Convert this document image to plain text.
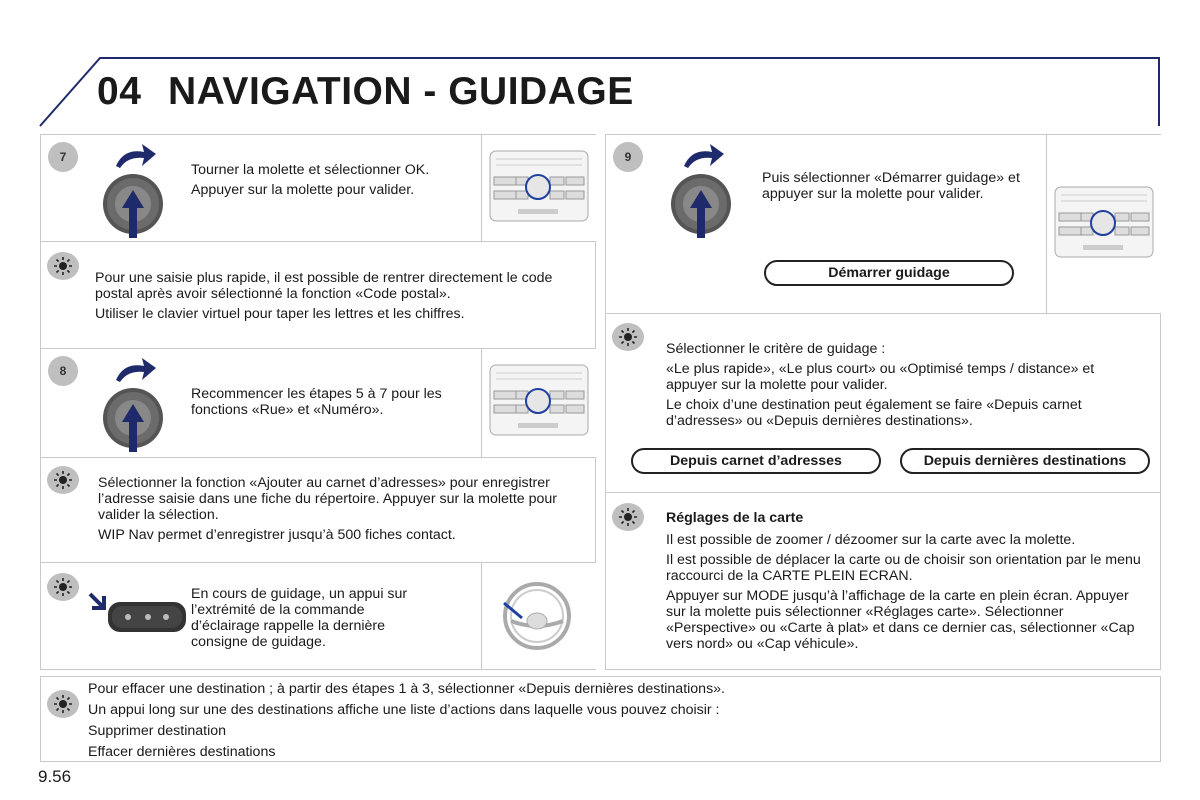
04 NAVIGATION - GUIDAGE
7

Tourner la molette et sélectionner OK.

Appuyer sur la molette pour valider.

Pour une saisie plus rapide, il est possible de rentrer directement le code postal après avoir sélectionné la fonction «Code postal».

Utiliser le clavier virtuel pour taper les lettres et les chiffres.

8

Recommencer les étapes 5 à 7 pour les fonctions «Rue» et «Numéro».

Sélectionner la fonction «Ajouter au carnet d’adresses» pour enregistrer l’adresse saisie dans une fiche du répertoire. Appuyer sur la molette pour valider la sélection.

WIP Nav permet d’enregistrer jusqu’à 500 fiches contact.

En cours de guidage, un appui sur l’extrémité de la commande d’éclairage rappelle la dernière consigne de guidage.

9

Puis sélectionner «Démarrer guidage» et appuyer sur la molette pour valider.

Démarrer guidage

Sélectionner le critère de guidage :

«Le plus rapide», «Le plus court» ou «Optimisé temps / distance» et appuyer sur la molette pour valider.

Le choix d’une destination peut également se faire «Depuis carnet d’adresses» ou «Depuis dernières destinations».

Depuis carnet d’adresses	Depuis dernières destinations

Réglages de la carte

Il est possible de zoomer / dézoomer sur la carte avec la molette.

Il est possible de déplacer la carte ou de choisir son orientation par le menu raccourci de la CARTE PLEIN ECRAN.

Appuyer sur MODE jusqu’à l’affichage de la carte en plein écran. Appuyer sur la molette puis sélectionner «Réglages carte». Sélectionner «Perspective» ou «Carte à plat» et dans ce dernier cas, sélectionner «Cap vers nord» ou «Cap véhicule».

Pour effacer une destination ; à partir des étapes 1 à 3, sélectionner «Depuis dernières destinations».

Un appui long sur une des destinations affiche une liste d’actions dans laquelle vous pouvez choisir :

Supprimer destination

Effacer dernières destinations

9.56
